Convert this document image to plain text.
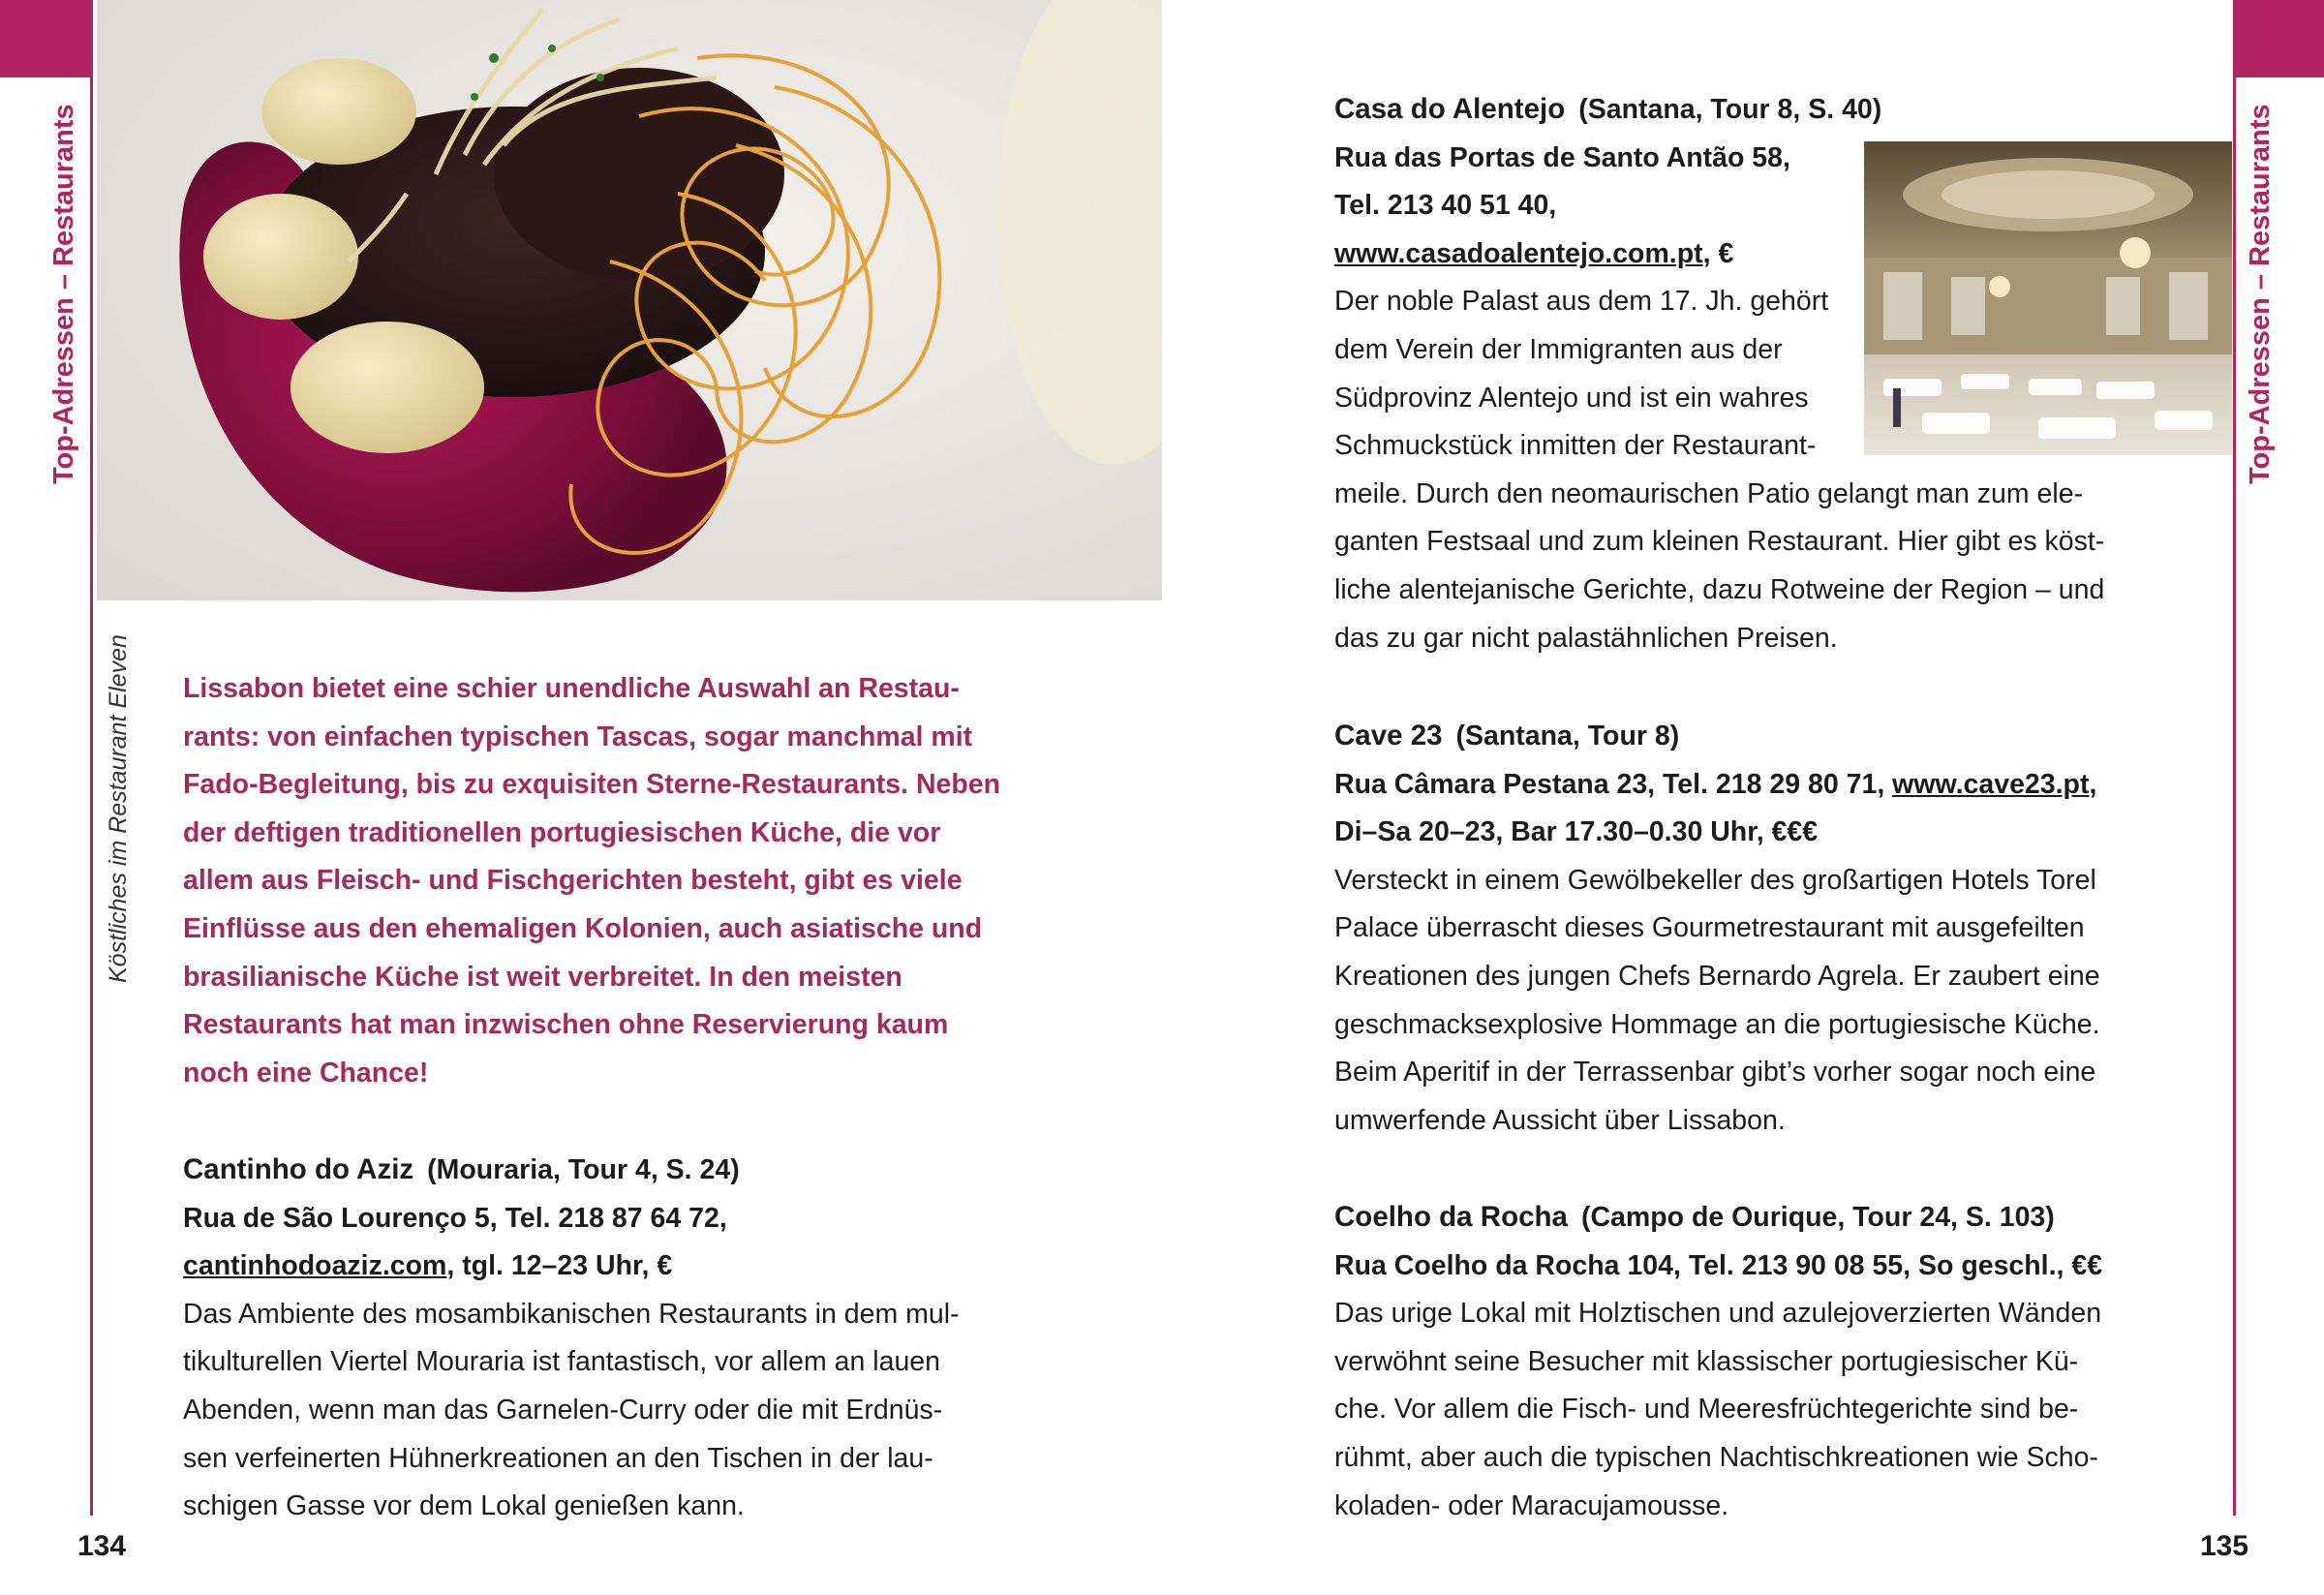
Top-Adressen – Restaurants
Köstliches im Restaurant Eleven
134

Lissabon bietet eine schier unendliche Auswahl an Restau-

rants: von einfachen typischen Tascas, sogar manchmal mit

Fado-Begleitung, bis zu exquisiten Sterne-Restaurants. Neben

der deftigen traditionellen portugiesischen Küche, die vor

allem aus Fleisch- und Fischgerichten besteht, gibt es viele

Einflüsse aus den ehemaligen Kolonien, auch asiatische und

brasilianische Küche ist weit verbreitet. In den meisten

Restaurants hat man inzwischen ohne Reservierung kaum

noch eine Chance!

Cantinho do Aziz (Mouraria, Tour 4, S. 24)

Rua de São Lourenço 5, Tel. 218 87 64 72,

cantinhodoaziz.com, tgl. 12–23 Uhr, €

Das Ambiente des mosambikanischen Restaurants in dem mul-

tikulturellen Viertel Mouraria ist fantastisch, vor allem an lauen

Abenden, wenn man das Garnelen-Curry oder die mit Erdnüs-

sen verfeinerten Hühnerkreationen an den Tischen in der lau-

schigen Gasse vor dem Lokal genießen kann.

Top-Adressen – Restaurants
135

Casa do Alentejo (Santana, Tour 8, S. 40)

Rua das Portas de Santo Antão 58,

Tel. 213 40 51 40,

www.casadoalentejo.com.pt, €

Der noble Palast aus dem 17. Jh. gehört

dem Verein der Immigranten aus der

Südprovinz Alentejo und ist ein wahres

Schmuckstück inmitten der Restaurant-

meile. Durch den neomaurischen Patio gelangt man zum ele-

ganten Festsaal und zum kleinen Restaurant. Hier gibt es köst-

liche alentejanische Gerichte, dazu Rotweine der Region – und

das zu gar nicht palastähnlichen Preisen.

Cave 23 (Santana, Tour 8)

Rua Câmara Pestana 23, Tel. 218 29 80 71, www.cave23.pt,

Di–Sa 20–23, Bar 17.30–0.30 Uhr, €€€

Versteckt in einem Gewölbekeller des großartigen Hotels Torel

Palace überrascht dieses Gourmetrestaurant mit ausgefeilten

Kreationen des jungen Chefs Bernardo Agrela. Er zaubert eine

geschmacksexplosive Hommage an die portugiesische Küche.

Beim Aperitif in der Terrassenbar gibt’s vorher sogar noch eine

umwerfende Aussicht über Lissabon.

Coelho da Rocha (Campo de Ourique, Tour 24, S. 103)

Rua Coelho da Rocha 104, Tel. 213 90 08 55, So geschl., €€

Das urige Lokal mit Holztischen und azulejoverzierten Wänden

verwöhnt seine Besucher mit klassischer portugiesischer Kü-

che. Vor allem die Fisch- und Meeresfrüchtegerichte sind be-

rühmt, aber auch die typischen Nachtischkreationen wie Scho-

koladen- oder Maracujamousse.
